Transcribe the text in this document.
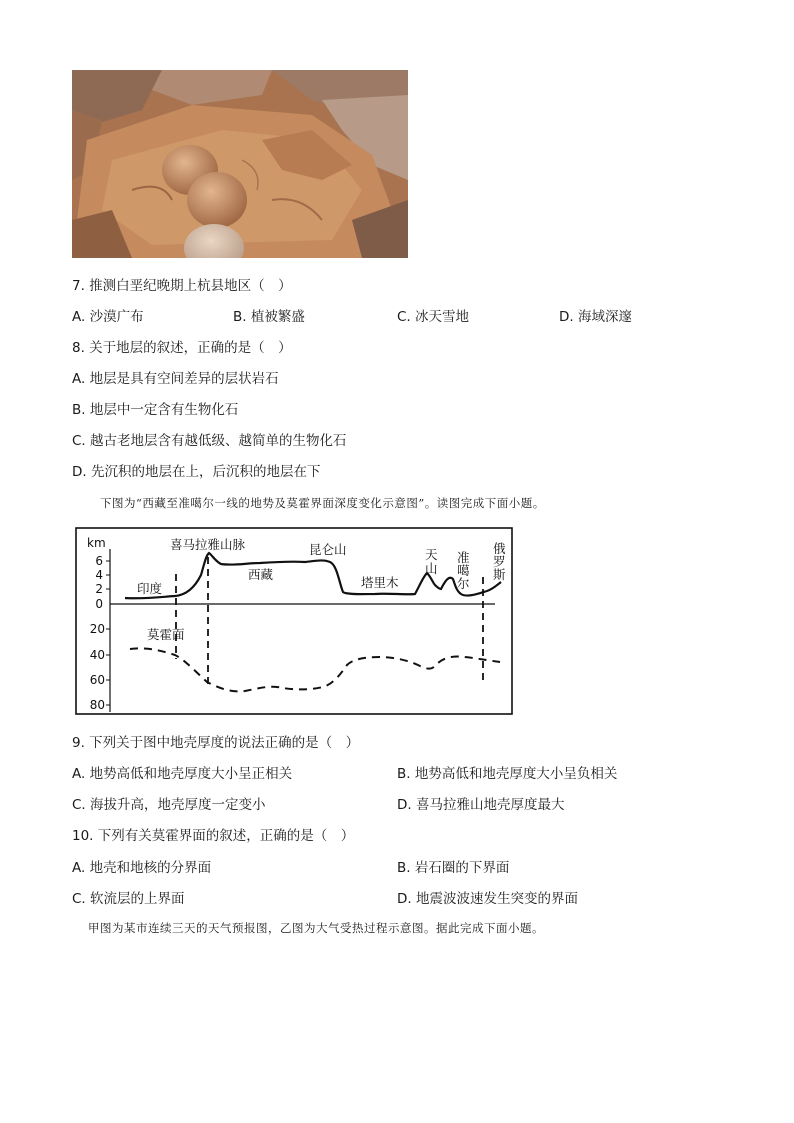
7. 推测白垩纪晚期上杭县地区（　）
A. 沙漠广布	B. 植被繁盛	C. 冰天雪地	D. 海域深邃
8. 关于地层的叙述，正确的是（　）
A. 地层是具有空间差异的层状岩石
B. 地层中一定含有生物化石
C. 越古老地层含有越低级、越简单的生物化石
D. 先沉积的地层在上，后沉积的地层在下
下图为“西藏至准噶尔一线的地势及莫霍界面深度变化示意图”。读图完成下面小题。
km
6
4
2
0
20
40
60
80
印度
喜马拉雅山脉
西藏
昆仑山
塔里木
天
山
准
噶
尔
俄
罗
斯
莫霍面
9. 下列关于图中地壳厚度的说法正确的是（　）
A. 地势高低和地壳厚度大小呈正相关	B. 地势高低和地壳厚度大小呈负相关
C. 海拔升高，地壳厚度一定变小	D. 喜马拉雅山地壳厚度最大
10. 下列有关莫霍界面的叙述，正确的是（　）
A. 地壳和地核的分界面	B. 岩石圈的下界面
C. 软流层的上界面	D. 地震波波速发生突变的界面
甲图为某市连续三天的天气预报图，乙图为大气受热过程示意图。据此完成下面小题。
